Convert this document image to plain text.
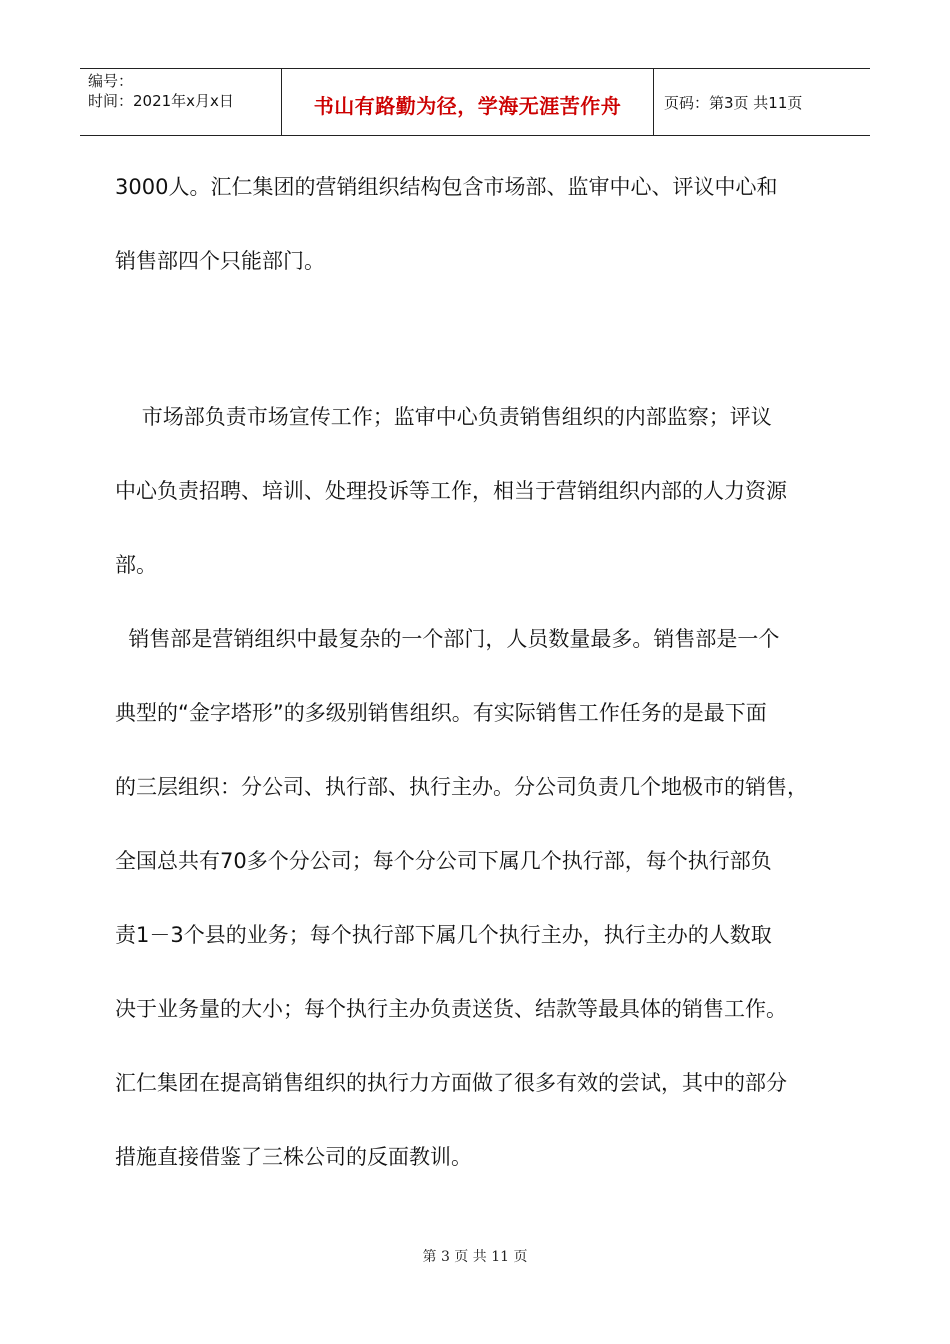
编号：
时间：2021年x月x日	书山有路勤为径，学海无涯苦作舟	页码：第3页 共11页
3000人。汇仁集团的营销组织结构包含市场部、监审中心、评议中心和
销售部四个只能部门。
市场部负责市场宣传工作；监审中心负责销售组织的内部监察；评议
中心负责招聘、培训、处理投诉等工作，相当于营销组织内部的人力资源
部。
销售部是营销组织中最复杂的一个部门，人员数量最多。销售部是一个
典型的“金字塔形”的多级别销售组织。有实际销售工作任务的是最下面
的三层组织：分公司、执行部、执行主办。分公司负责几个地极市的销售，
全国总共有70多个分公司；每个分公司下属几个执行部，每个执行部负
责1－3个县的业务；每个执行部下属几个执行主办，执行主办的人数取
决于业务量的大小；每个执行主办负责送货、结款等最具体的销售工作。
汇仁集团在提高销售组织的执行力方面做了很多有效的尝试，其中的部分
措施直接借鉴了三株公司的反面教训。
第 3 页 共 11 页
